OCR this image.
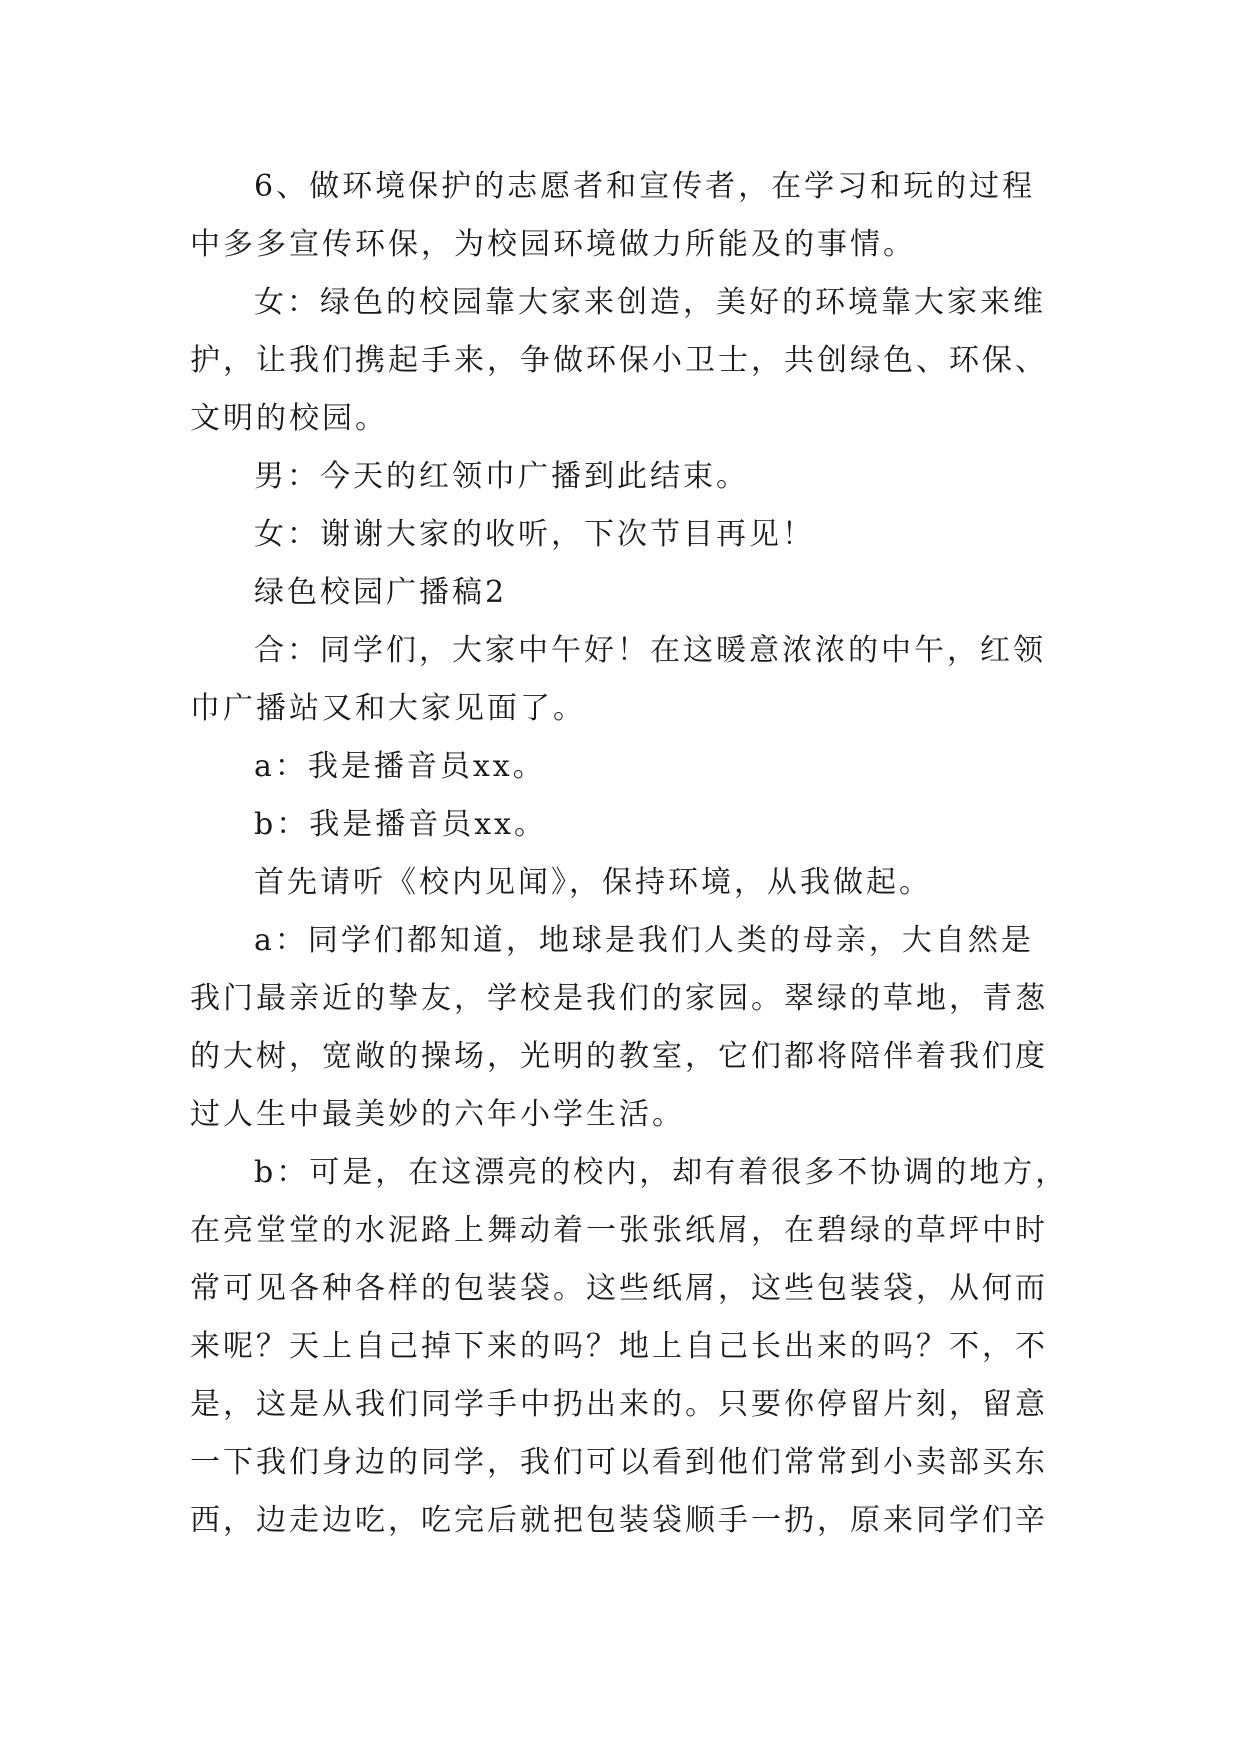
6、做环境保护的志愿者和宣传者，在学习和玩的过程
中多多宣传环保，为校园环境做力所能及的事情。

女：绿色的校园靠大家来创造，美好的环境靠大家来维
护，让我们携起手来，争做环保小卫士，共创绿色、环保、
文明的校园。

男：今天的红领巾广播到此结束。

女：谢谢大家的收听，下次节目再见！

绿色校园广播稿2

合：同学们，大家中午好！在这暖意浓浓的中午，红领
巾广播站又和大家见面了。

a：我是播音员xx。

b：我是播音员xx。

首先请听《校内见闻》，保持环境，从我做起。

a：同学们都知道，地球是我们人类的母亲，大自然是
我门最亲近的挚友，学校是我们的家园。翠绿的草地，青葱
的大树，宽敞的操场，光明的教室，它们都将陪伴着我们度
过人生中最美妙的六年小学生活。

b：可是，在这漂亮的校内，却有着很多不协调的地方，
在亮堂堂的水泥路上舞动着一张张纸屑，在碧绿的草坪中时
常可见各种各样的包装袋。这些纸屑，这些包装袋，从何而
来呢？天上自己掉下来的吗？地上自己长出来的吗？不，不
是，这是从我们同学手中扔出来的。只要你停留片刻，留意
一下我们身边的同学，我们可以看到他们常常到小卖部买东
西，边走边吃，吃完后就把包装袋顺手一扔，原来同学们辛
